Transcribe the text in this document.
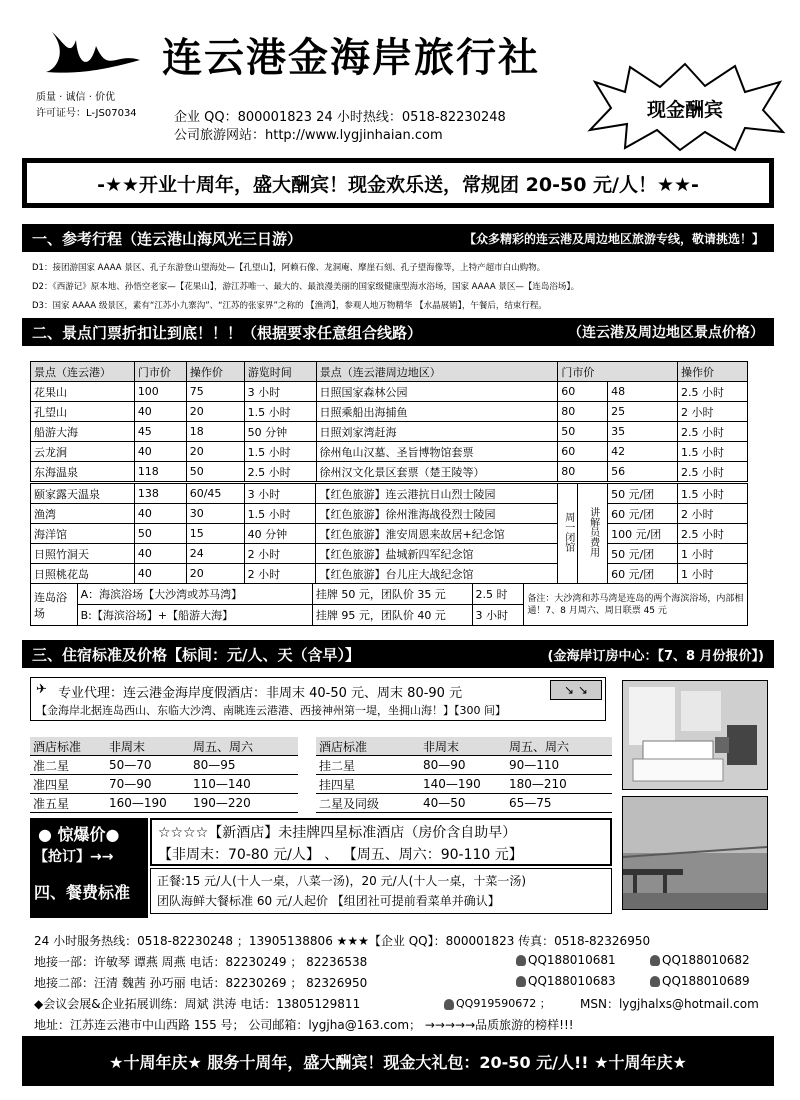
质量 · 诚信 · 价优
许可证号：L-JS07034
连云港金海岸旅行社
企业 QQ：800001823 24 小时热线：0518-82230248
公司旅游网站：http://www.lygjinhaian.com
现金酬宾
-★★开业十周年，盛大酬宾！现金欢乐送，常规团 20-50 元/人！★★-
一、参考行程（连云港山海风光三日游）	【众多精彩的连云港及周边地区旅游专线，敬请挑选！】
D1：接团游国家 AAAA 景区、孔子东游登山望海处—【孔望山】，阿赖石像、龙洞庵、摩崖石刻、孔子望海像等，上特产超市白山购物。
D2：《西游记》原本地、孙悟空老家—【花果山】，游江苏唯一、最大的、最浪漫美丽的国家级健康型海水浴场，国家 AAAA 景区—【连岛浴场】。
D3：国家 AAAA 级景区，素有“江苏小九寨沟”、“江苏的张家界”之称的 【渔湾】，参观人地万物精华 【水晶展销】，午餐后，结束行程。
二、景点门票折扣让到底！！！（根据要求任意组合线路）	（连云港及周边地区景点价格）
景点（连云港）	门市价	操作价	游览时间	景点（连云港周边地区）	门市价	操作价
花果山	100	75	3 小时	日照国家森林公园	60	48	2.5 小时
孔望山	40	20	1.5 小时	日照乘船出海捕鱼	80	25	2 小时
船游大海	45	18	50 分钟	日照刘家湾赶海	50	35	2.5 小时
云龙涧	40	20	1.5 小时	徐州龟山汉墓、圣旨博物馆套票	60	42	1.5 小时
东海温泉	118	50	2.5 小时	徐州汉文化景区套票（楚王陵等）	80	56	2.5 小时
颐家露天温泉	138	60/45	3 小时	【红色旅游】连云港抗日山烈士陵园	周一闭馆	讲解员费用	50 元/团	1.5 小时
渔湾	40	30	1.5 小时	【红色旅游】徐州淮海战役烈士陵园			60 元/团	2 小时
海洋馆	50	15	40 分钟	【红色旅游】淮安周恩来故居+纪念馆			100 元/团	2.5 小时
日照竹洞天	40	24	2 小时	【红色旅游】盐城新四军纪念馆			50 元/团	1 小时
日照桃花岛	40	20	2 小时	【红色旅游】台儿庄大战纪念馆			60 元/团	1 小时
连岛浴场	A：海滨浴场【大沙湾或苏马湾】	挂牌 50 元，团队价 35 元	2.5 时	备注：大沙湾和苏马湾是连岛的两个海滨浴场，内部相通！7、8 月周六、周日联票 45 元
	B:【海滨浴场】+【船游大海】	挂牌 95 元，团队价 40 元	3 小时	
三、住宿标准及价格【标间：元/人、天（含早）】	(金海岸订房中心：【7、8 月份报价】)
✈ 专业代理：连云港金海岸度假酒店：非周末 40-50 元、周末 80-90 元	↘ ↘
【金海岸北据连岛西山、东临大沙湾、南眺连云港港、西接神州第一堤，坐拥山海！】【300 间】
酒店标准	非周末	周五、周六
准二星	50—70	80—95
准四星	70—90	110—140
准五星	160—190	190—220
酒店标准	非周末	周五、周六
挂二星	80—90	90—110
挂四星	140—190	180—210
二星及同级	40—50	65—75
● 惊爆价●
【抢订】→→
四、餐费标准
☆☆☆☆【新酒店】未挂牌四星标准酒店（房价含自助早）
【非周末：70-80 元/人】 、 【周五、周六：90-110 元】
正餐:15 元/人(十人一桌，八菜一汤)，20 元/人(十人一桌，十菜一汤)
团队海鲜大餐标准 60 元/人起价 【组团社可提前看菜单并确认】
24 小时服务热线：0518-82230248 ；13905138806 ★★★【企业 QQ】：800001823 传真：0518-82326950
地接一部：许敏琴 谭燕 周燕 电话：82230249 ； 82236538	QQ188010681	QQ188010682
地接二部：汪清 魏茜 孙巧丽 电话：82230269 ； 82326950	QQ188010683	QQ188010689
◆会议会展&企业拓展训练：周斌 洪涛 电话：13805129811	QQ919590672 ； MSN：lygjhalxs@hotmail.com
地址：江苏连云港市中山西路 155 号； 公司邮箱：lygjha@163.com； →→→→→品质旅游的榜样!!!
★十周年庆★ 服务十周年，盛大酬宾！现金大礼包：20-50 元/人!! ★十周年庆★
